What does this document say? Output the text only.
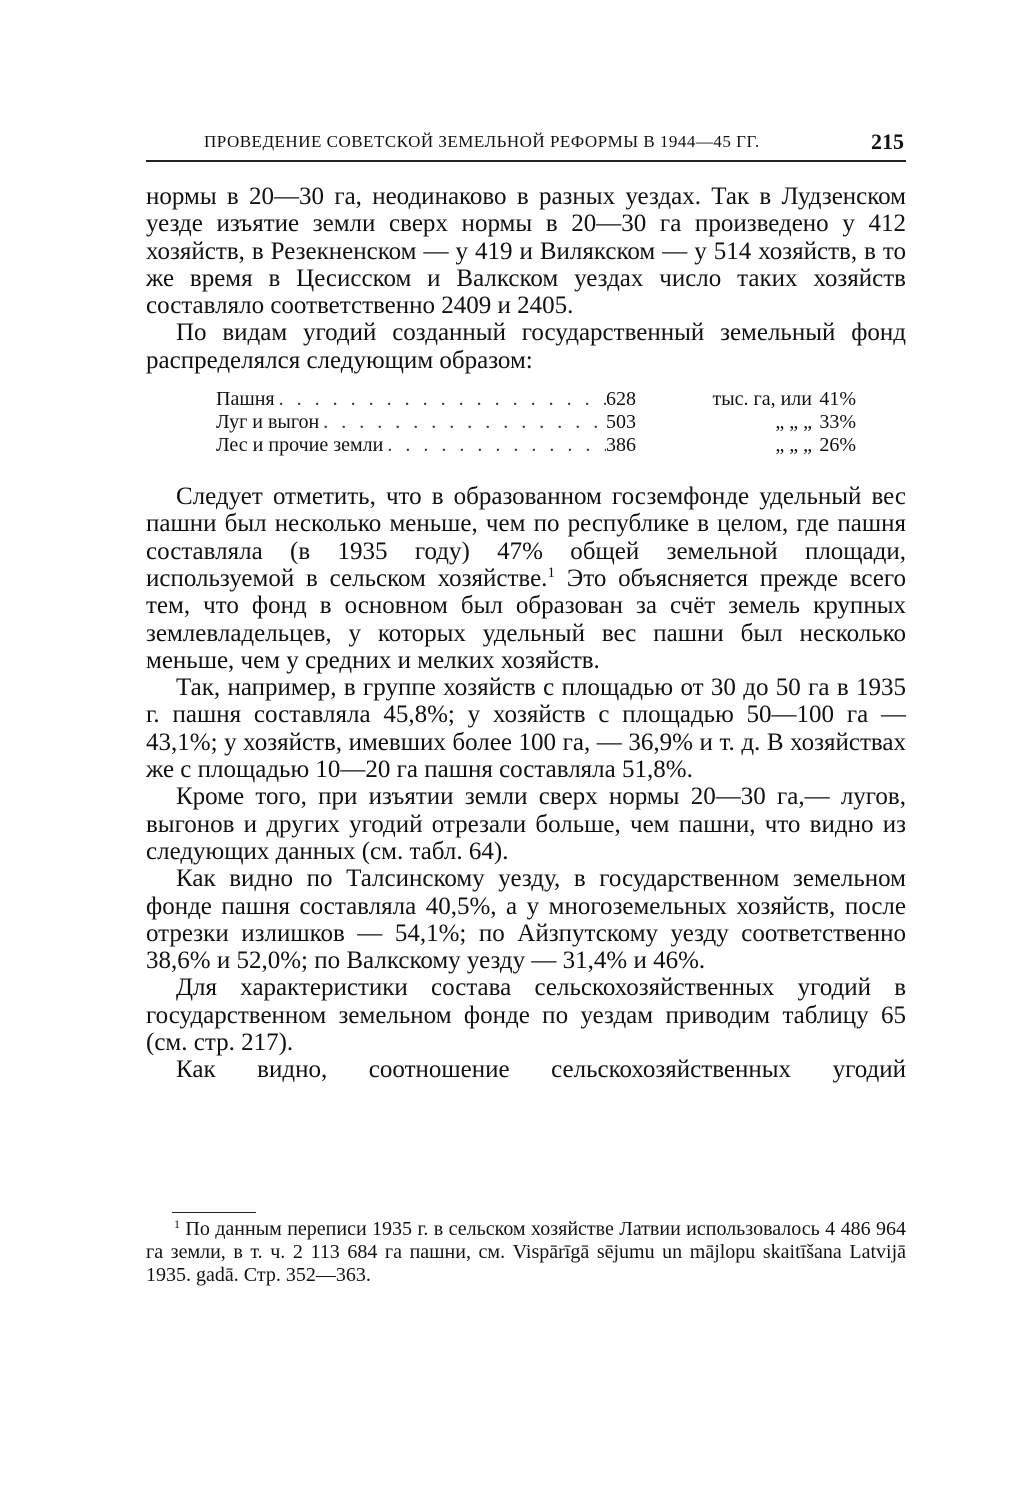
ПРОВЕДЕНИЕ СОВЕТСКОЙ ЗЕМЕЛЬНОЙ РЕФОРМЫ В 1944—45 ГГ.	215

нормы в 20—30 га, неодинаково в разных уездах. Так в Лудзенском уезде изъятие земли сверх нормы в 20—30 га произведено у 412 хозяйств, в Резекненском — у 419 и Вилякском — у 514 хозяйств, в то же время в Цесисском и Валкском уездах число таких хозяйств составляло соответственно 2409 и 2405.

По видам угодий созданный государственный земельный фонд распределялся следующим образом:

Пашня . . .	628	тыс. га, или 41%
Луг и выгон . . .	503	„ „ „ 33%
Лес и прочие земли . . .	386	„ „ „ 26%

Следует отметить, что в образованном госземфонде удельный вес пашни был несколько меньше, чем по республике в целом, где пашня составляла (в 1935 году) 47% общей земельной площади, используемой в сельском хозяйстве.$^1$ Это объясняется прежде всего тем, что фонд в основном был образован за счёт земель крупных землевладельцев, у которых удельный вес пашни был несколько меньше, чем у средних и мелких хозяйств.

Так, например, в группе хозяйств с площадью от 30 до 50 га в 1935 г. пашня составляла 45,8%; у хозяйств с площадью 50—100 га — 43,1%; у хозяйств, имевших более 100 га, — 36,9% и т. д. В хозяйствах же с площадью 10—20 га пашня составляла 51,8%.

Кроме того, при изъятии земли сверх нормы 20—30 га,— лугов, выгонов и других угодий отрезали больше, чем пашни, что видно из следующих данных (см. табл. 64).

Как видно по Талсинскому уезду, в государственном земельном фонде пашня составляла 40,5%, а у многоземельных хозяйств, после отрезки излишков — 54,1%; по Айзпутскому уезду соответственно 38,6% и 52,0%; по Валкскому уезду — 31,4% и 46%.

Для характеристики состава сельскохозяйственных угодий в государственном земельном фонде по уездам приводим таблицу 65 (см. стр. 217).

Как видно, соотношение сельскохозяйственных угодий

$^1$ По данным переписи 1935 г. в сельском хозяйстве Латвии использовалось 4 486 964 га земли, в т. ч. 2 113 684 га пашни, см. Vispārīgā sējumu un mājlopu skaitīšana Latvijā 1935. gadā. Стр. 352—363.
